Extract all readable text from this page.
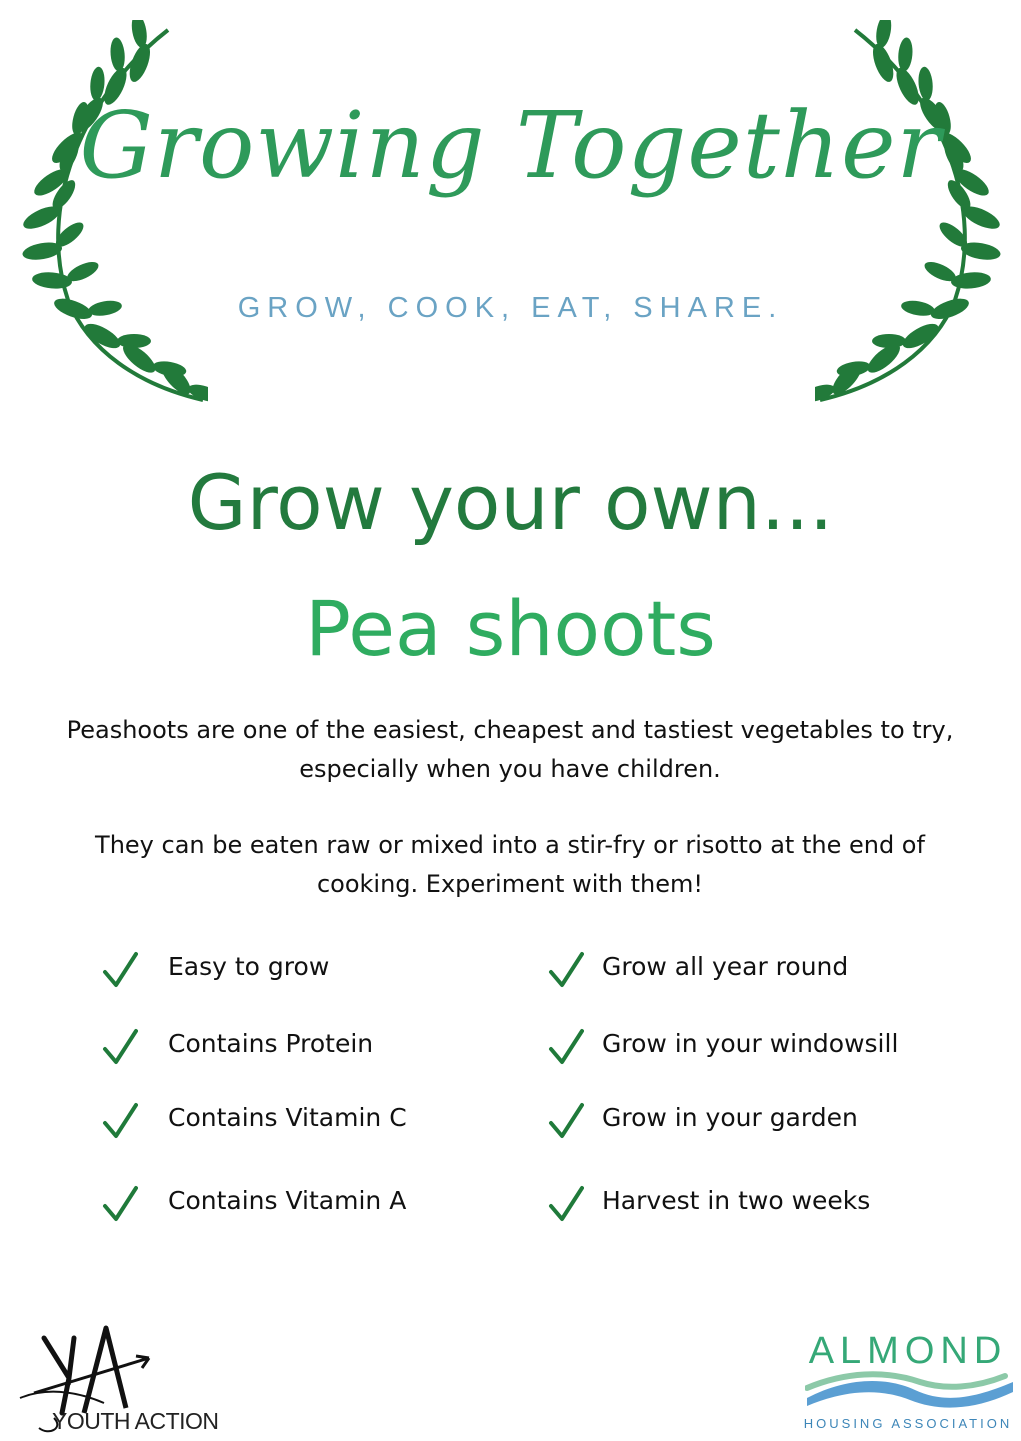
Growing Together
GROW, COOK, EAT, SHARE.
Grow your own...
Pea shoots
Peashoots are one of the easiest, cheapest and tastiest vegetables to try, especially when you have children.
They can be eaten raw or mixed into a stir-fry or risotto at the end of cooking. Experiment with them!
Easy to grow
Contains Protein
Contains Vitamin C
Contains Vitamin A
Grow all year round
Grow in your windowsill
Grow in your garden
Harvest in two weeks
YOUTH ACTION
ALMOND
HOUSING ASSOCIATION
